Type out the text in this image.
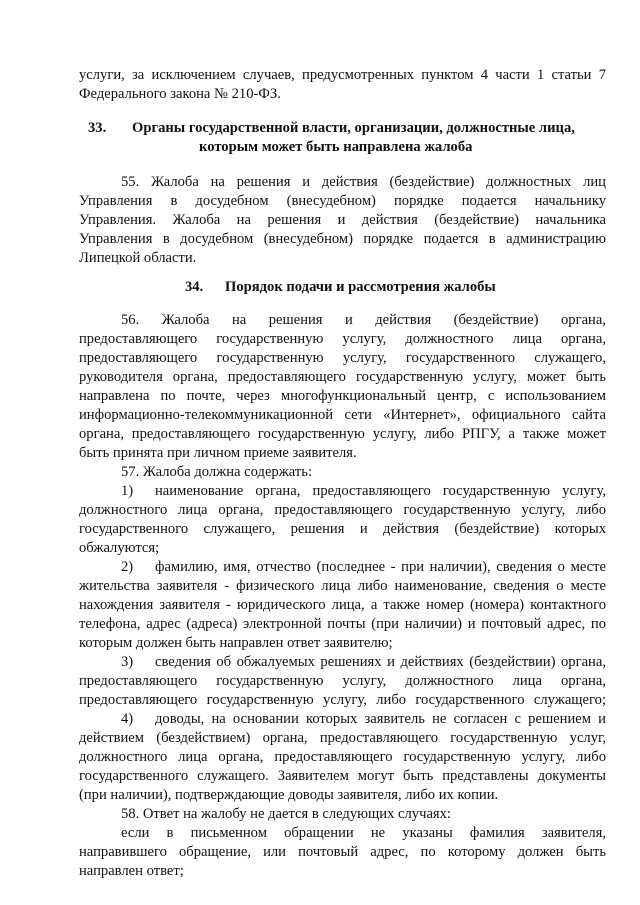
услуги, за исключением случаев, предусмотренных пунктом 4 части 1 статьи 7
Федерального закона № 210-ФЗ.
33. Органы государственной власти, организации, должностные лица,
которым может быть направлена жалоба
55. Жалоба на решения и действия (бездействие) должностных лиц
Управления в досудебном (внесудебном) порядке подается начальнику
Управления. Жалоба на решения и действия (бездействие) начальника
Управления в досудебном (внесудебном) порядке подается в администрацию
Липецкой области.
34. Порядок подачи и рассмотрения жалобы
56. Жалоба на решения и действия (бездействие) органа,
предоставляющего государственную услугу, должностного лица органа,
предоставляющего государственную услугу, государственного служащего,
руководителя органа, предоставляющего государственную услугу, может быть
направлена по почте, через многофункциональный центр, с использованием
информационно-телекоммуникационной сети «Интернет», официального сайта
органа, предоставляющего государственную услугу, либо РПГУ, а также может
быть принята при личном приеме заявителя.
57. Жалоба должна содержать:
1) наименование органа, предоставляющего государственную услугу,
должностного лица органа, предоставляющего государственную услугу, либо
государственного служащего, решения и действия (бездействие) которых
обжалуются;
2) фамилию, имя, отчество (последнее - при наличии), сведения о месте
жительства заявителя - физического лица либо наименование, сведения о месте
нахождения заявителя - юридического лица, а также номер (номера) контактного
телефона, адрес (адреса) электронной почты (при наличии) и почтовый адрес, по
которым должен быть направлен ответ заявителю;
3) сведения об обжалуемых решениях и действиях (бездействии) органа,
предоставляющего государственную услугу, должностного лица органа,
предоставляющего государственную услугу, либо государственного служащего;
4) доводы, на основании которых заявитель не согласен с решением и
действием (бездействием) органа, предоставляющего государственную услуг,
должностного лица органа, предоставляющего государственную услугу, либо
государственного служащего. Заявителем могут быть представлены документы
(при наличии), подтверждающие доводы заявителя, либо их копии.
58. Ответ на жалобу не дается в следующих случаях:
если в письменном обращении не указаны фамилия заявителя,
направившего обращение, или почтовый адрес, по которому должен быть
направлен ответ;
